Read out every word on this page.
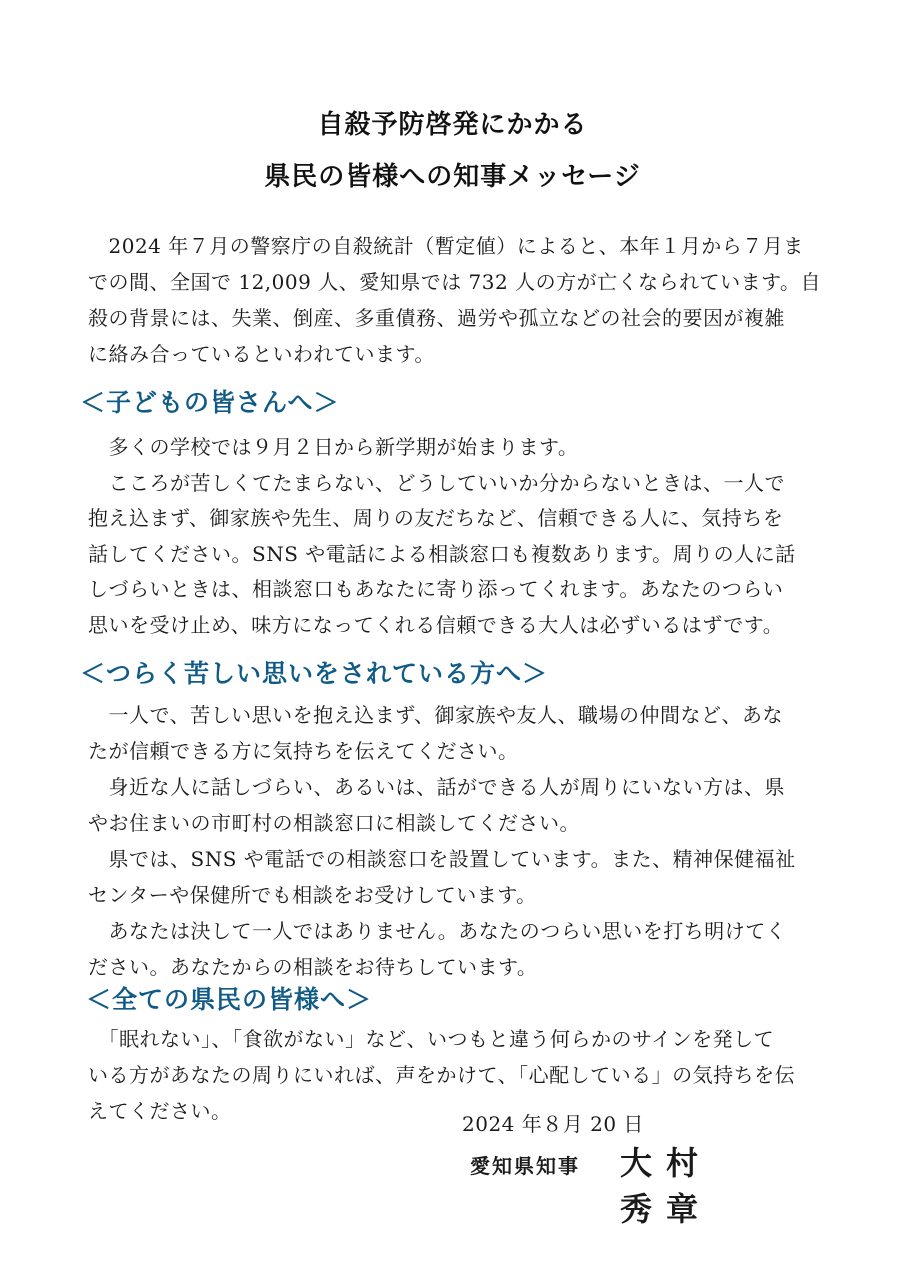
自殺予防啓発にかかる
県民の皆様への知事メッセージ
　2024 年７月の警察庁の自殺統計（暫定値）によると、本年１月から７月ま
での間、全国で 12,009 人、愛知県では 732 人の方が亡くなられています。自
殺の背景には、失業、倒産、多重債務、過労や孤立などの社会的要因が複雑
に絡み合っているといわれています。
＜子どもの皆さんへ＞
　多くの学校では９月２日から新学期が始まります。
　こころが苦しくてたまらない、どうしていいか分からないときは、一人で
抱え込まず、御家族や先生、周りの友だちなど、信頼できる人に、気持ちを
話してください。SNS や電話による相談窓口も複数あります。周りの人に話
しづらいときは、相談窓口もあなたに寄り添ってくれます。あなたのつらい
思いを受け止め、味方になってくれる信頼できる大人は必ずいるはずです。
＜つらく苦しい思いをされている方へ＞
　一人で、苦しい思いを抱え込まず、御家族や友人、職場の仲間など、あな
たが信頼できる方に気持ちを伝えてください。
　身近な人に話しづらい、あるいは、話ができる人が周りにいない方は、県
やお住まいの市町村の相談窓口に相談してください。
　県では、SNS や電話での相談窓口を設置しています。また、精神保健福祉
センターや保健所でも相談をお受けしています。
　あなたは決して一人ではありません。あなたのつらい思いを打ち明けてく
ださい。あなたからの相談をお待ちしています。
＜全ての県民の皆様へ＞
　「眠れない」、「食欲がない」など、いつもと違う何らかのサインを発して
いる方があなたの周りにいれば、声をかけて、「心配している」の気持ちを伝
えてください。
2024 年８月 20 日
愛知県知事 大村　秀章
